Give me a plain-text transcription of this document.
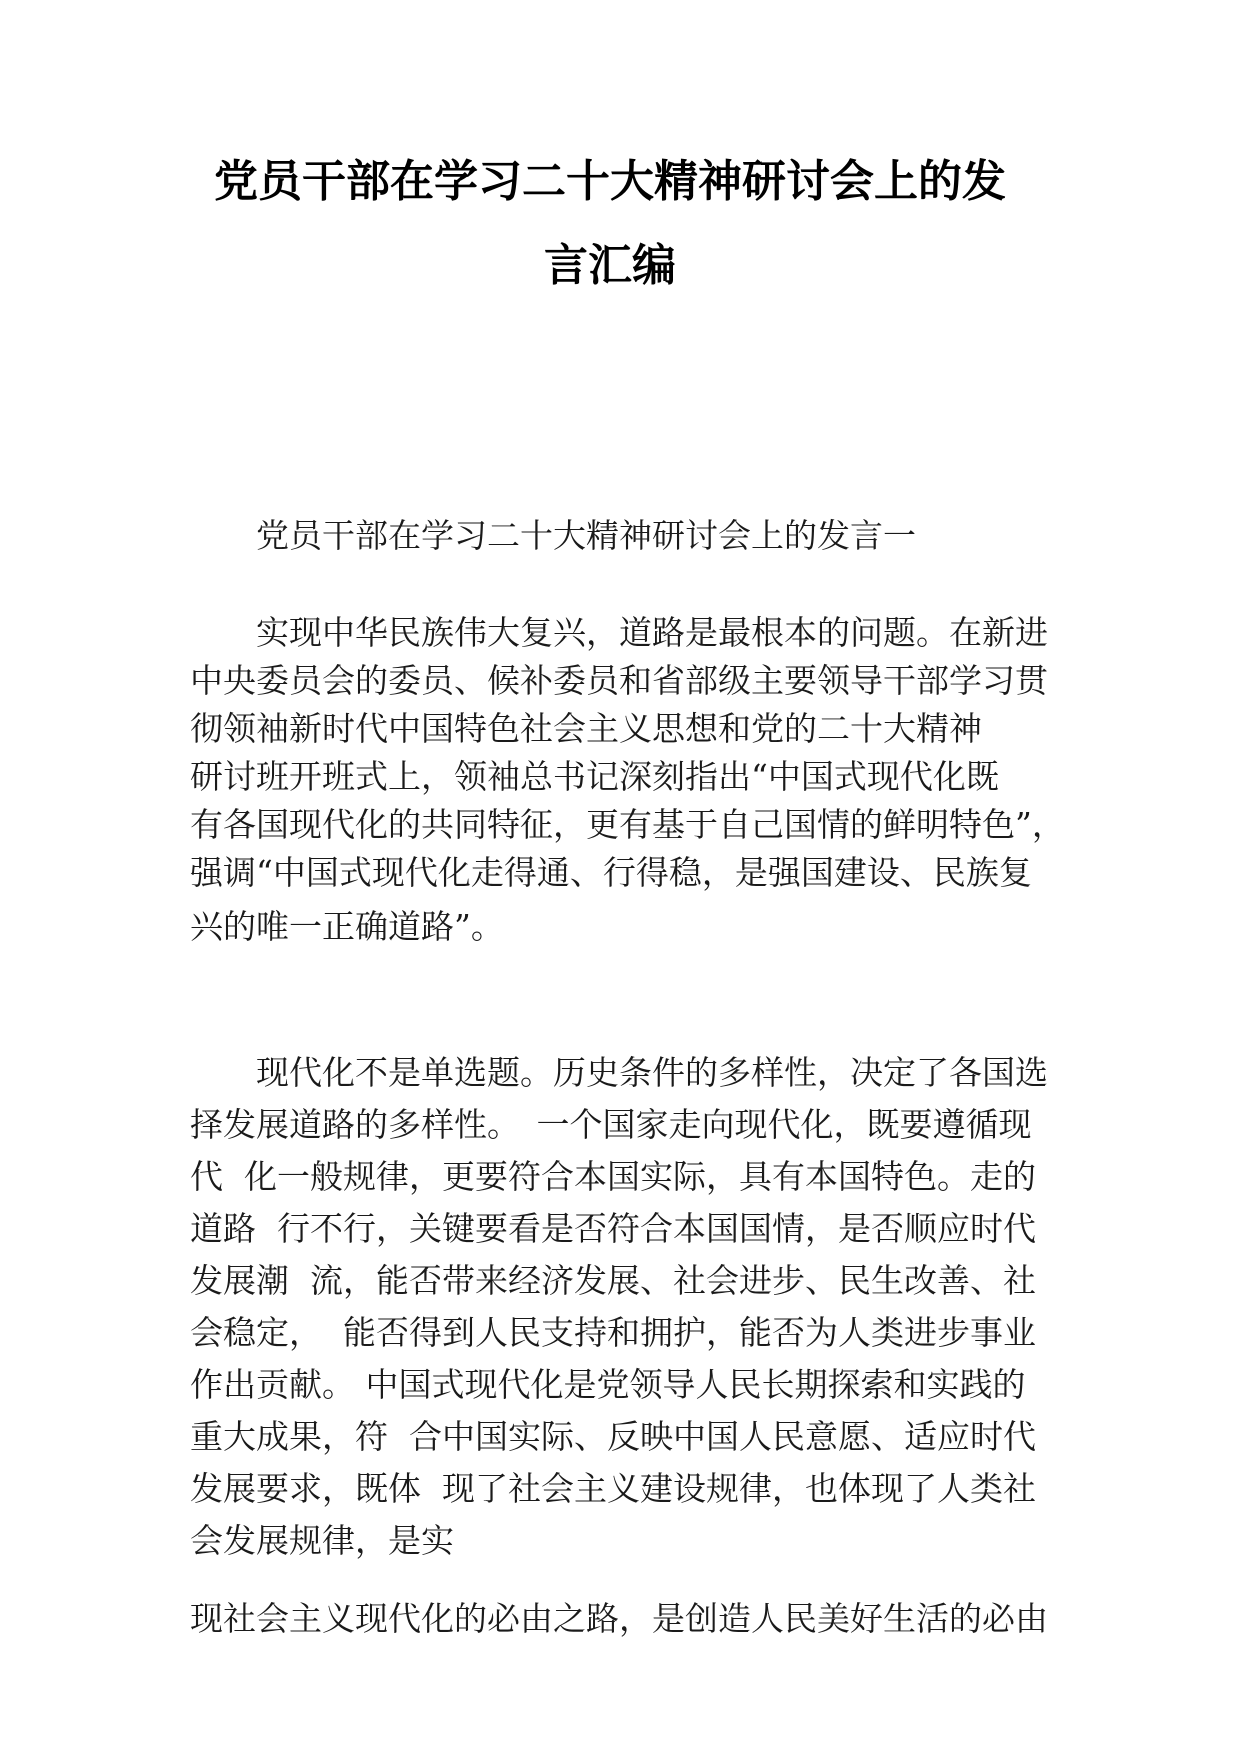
党员干部在学习二十大精神研讨会上的发
言汇编
党员干部在学习二十大精神研讨会上的发言一
　　实现中华民族伟大复兴，道路是最根本的问题。在新进
中央委员会的委员、候补委员和省部级主要领导干部学习贯
彻领袖新时代中国特色社会主义思想和党的二十大精神
研讨班开班式上，领袖总书记深刻指出“中国式现代化既
有各国现代化的共同特征，更有基于自己国情的鲜明特色”，
强调“中国式现代化走得通、行得稳，是强国建设、民族复
兴的唯一正确道路”。
　　现代化不是单选题。历史条件的多样性，决定了各国选
择发展道路的多样性。　一个国家走向现代化，既要遵循现
代  化一般规律，更要符合本国实际，具有本国特色。走的
道路  行不行，关键要看是否符合本国国情，是否顺应时代
发展潮  流，能否带来经济发展、社会进步、民生改善、社
会稳定，  能否得到人民支持和拥护，能否为人类进步事业
作出贡献。 中国式现代化是党领导人民长期探索和实践的
重大成果，符  合中国实际、反映中国人民意愿、适应时代
发展要求，既体  现了社会主义建设规律，也体现了人类社
会发展规律，是实
现社会主义现代化的必由之路，是创造人民美好生活的必由
